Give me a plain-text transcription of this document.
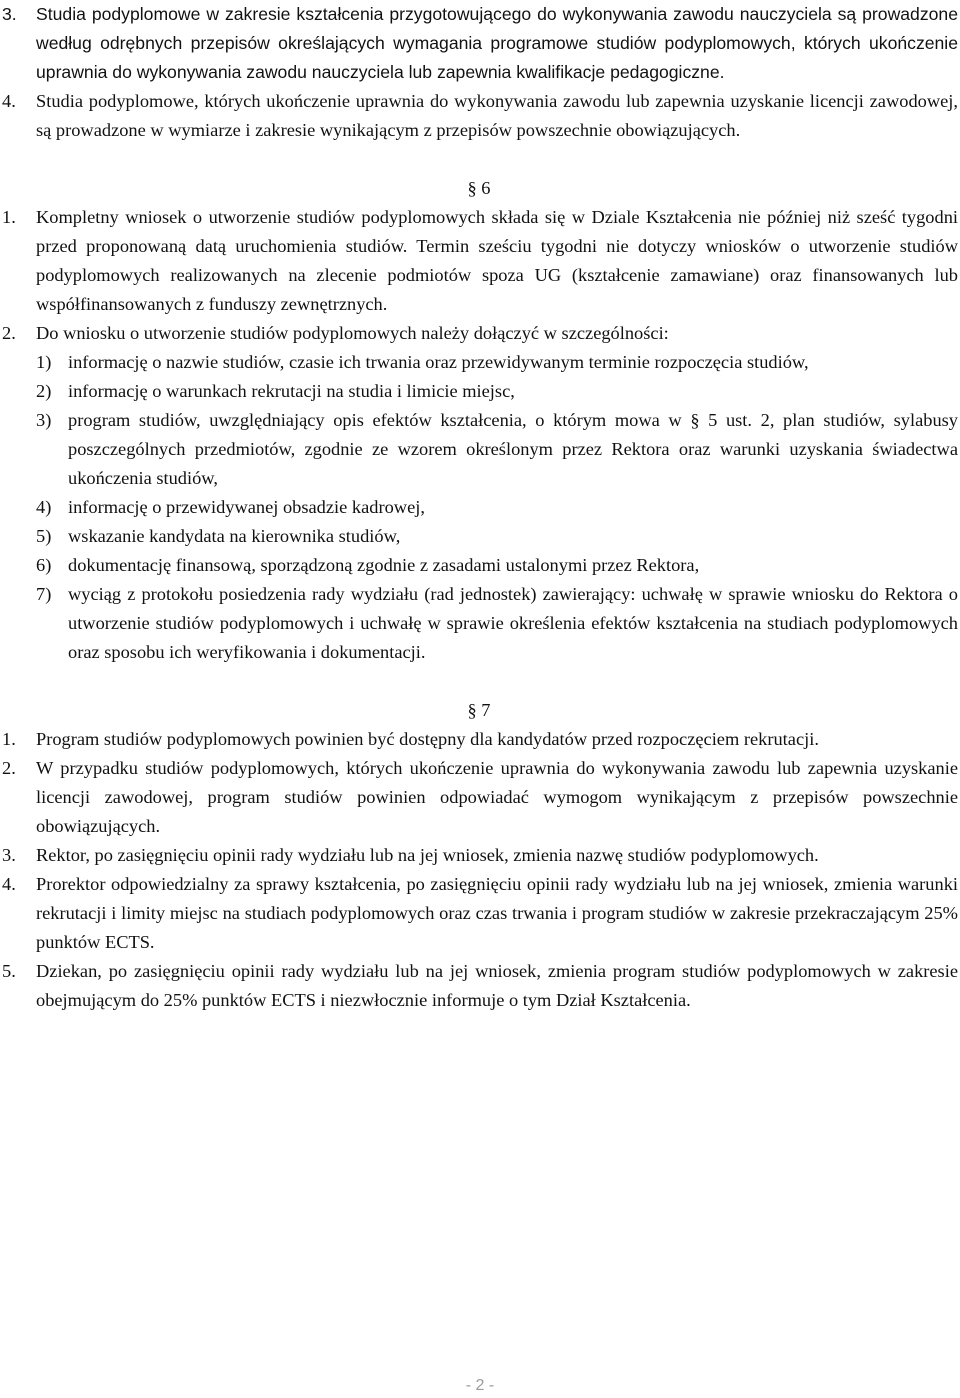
3. Studia podyplomowe w zakresie kształcenia przygotowującego do wykonywania zawodu nauczyciela są prowadzone według odrębnych przepisów określających wymagania programowe studiów podyplomowych, których ukończenie uprawnia do wykonywania zawodu nauczyciela lub zapewnia kwalifikacje pedagogiczne.

4. Studia podyplomowe, których ukończenie uprawnia do wykonywania zawodu lub zapewnia uzyskanie licencji zawodowej, są prowadzone w wymiarze i zakresie wynikającym z przepisów powszechnie obowiązujących.

§ 6

1. Kompletny wniosek o utworzenie studiów podyplomowych składa się w Dziale Kształcenia nie później niż sześć tygodni przed proponowaną datą uruchomienia studiów. Termin sześciu tygodni nie dotyczy wniosków o utworzenie studiów podyplomowych realizowanych na zlecenie podmiotów spoza UG (kształcenie zamawiane) oraz finansowanych lub współfinansowanych z funduszy zewnętrznych.

2. Do wniosku o utworzenie studiów podyplomowych należy dołączyć w szczególności:

1) informację o nazwie studiów, czasie ich trwania oraz przewidywanym terminie rozpoczęcia studiów,

2) informację o warunkach rekrutacji na studia i limicie miejsc,

3) program studiów, uwzględniający opis efektów kształcenia, o którym mowa w § 5 ust. 2, plan studiów, sylabusy poszczególnych przedmiotów, zgodnie ze wzorem określonym przez Rektora oraz warunki uzyskania świadectwa ukończenia studiów,

4) informację o przewidywanej obsadzie kadrowej,

5) wskazanie kandydata na kierownika studiów,

6) dokumentację finansową, sporządzoną zgodnie z zasadami ustalonymi przez Rektora,

7) wyciąg z protokołu posiedzenia rady wydziału (rad jednostek) zawierający: uchwałę w sprawie wniosku do Rektora o utworzenie studiów podyplomowych i uchwałę w sprawie określenia efektów kształcenia na studiach podyplomowych oraz sposobu ich weryfikowania i dokumentacji.

§ 7

1. Program studiów podyplomowych powinien być dostępny dla kandydatów przed rozpoczęciem rekrutacji.

2. W przypadku studiów podyplomowych, których ukończenie uprawnia do wykonywania zawodu lub zapewnia uzyskanie licencji zawodowej, program studiów powinien odpowiadać wymogom wynikającym z przepisów powszechnie obowiązujących.

3. Rektor, po zasięgnięciu opinii rady wydziału lub na jej wniosek, zmienia nazwę studiów podyplomowych.

4. Prorektor odpowiedzialny za sprawy kształcenia, po zasięgnięciu opinii rady wydziału lub na jej wniosek, zmienia warunki rekrutacji i limity miejsc na studiach podyplomowych oraz czas trwania i program studiów w zakresie przekraczającym 25% punktów ECTS.

5. Dziekan, po zasięgnięciu opinii rady wydziału lub na jej wniosek, zmienia program studiów podyplomowych w zakresie obejmującym do 25% punktów ECTS i niezwłocznie informuje o tym Dział Kształcenia.

- 2 -
